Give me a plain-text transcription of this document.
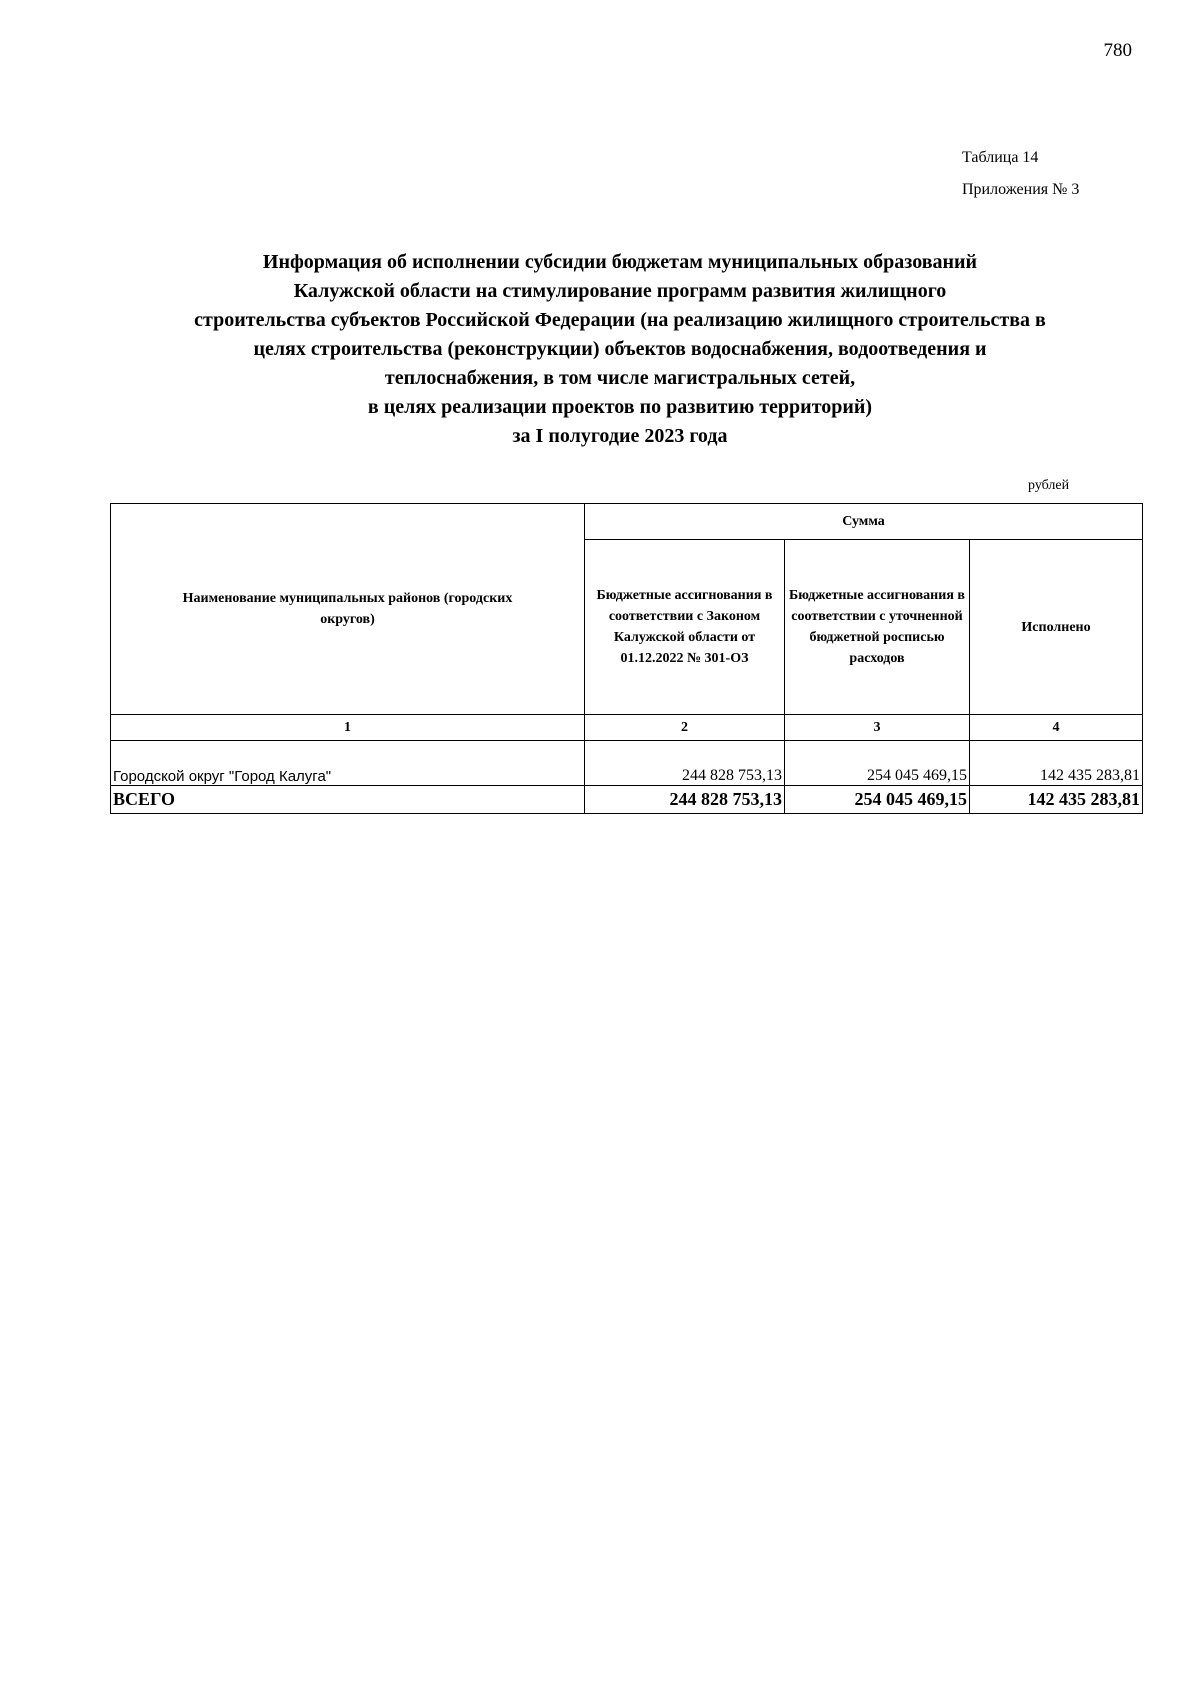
780
Таблица 14
Приложения № 3
Информация об исполнении субсидии бюджетам муниципальных образований
Калужской области на стимулирование программ развития жилищного
строительства субъектов Российской Федерации (на реализацию жилищного строительства в
целях строительства (реконструкции) объектов водоснабжения, водоотведения и
теплоснабжения, в том числе магистральных сетей,
в целях реализации проектов по развитию территорий)
за I полугодие 2023 года
рублей
Наименование муниципальных районов (городских округов)	Сумма		
	Бюджетные ассигнования в соответствии с Законом Калужской области от 01.12.2022 № 301-ОЗ	Бюджетные ассигнования в соответствии с уточненной бюджетной росписью расходов	Исполнено
1	2	3	4
Городской округ "Город Калуга"	244 828 753,13	254 045 469,15	142 435 283,81
ВСЕГО	244 828 753,13	254 045 469,15	142 435 283,81
